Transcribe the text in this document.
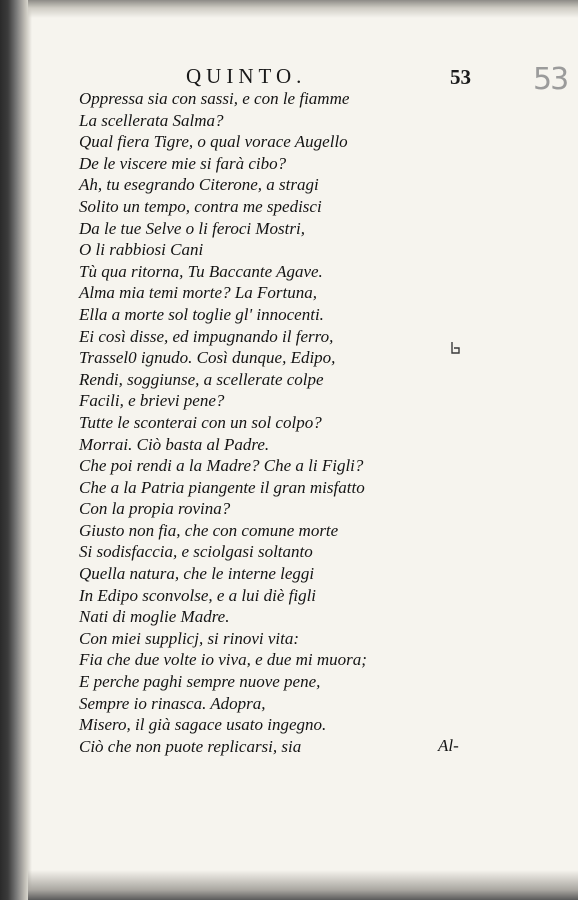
QUINTO.	53 53
Oppressa sia con sassi, e con le fiamme
La scellerata Salma?
Qual fiera Tigre, o qual vorace Augello
De le viscere mie si farà cibo?
Ah, tu esegrando Citerone, a stragi
Solito un tempo, contra me spedisci
Da le tue Selve o li feroci Mostri,
O li rabbiosi Cani
Tù qua ritorna, Tu Baccante Agave.
Alma mia temi morte? La Fortuna,
Ella a morte sol toglie gl' innocenti.
Ei così disse, ed impugnando il ferro,
Trassel0 ignudo. Così dunque, Edipo,
Rendi, soggiunse, a scellerate colpe
Facili, e brievi pene?
Tutte le sconterai con un sol colpo?
Morrai. Ciò basta al Padre.
Che poi rendi a la Madre? Che a li Figli?
Che a la Patria piangente il gran misfatto
Con la propia rovina?
Giusto non fia, che con comune morte
Si sodisfaccia, e sciolgasi soltanto
Quella natura, che le interne leggi
In Edipo sconvolse, e a lui diè figli
Nati di moglie Madre.
Con miei supplicj, si rinovi vita:
Fia che due volte io viva, e due mi muora;
E perche paghi sempre nuove pene,
Sempre io rinasca. Adopra,
Misero, il già sagace usato ingegno.
Ciò che non puote replicarsi, sia	Al-
